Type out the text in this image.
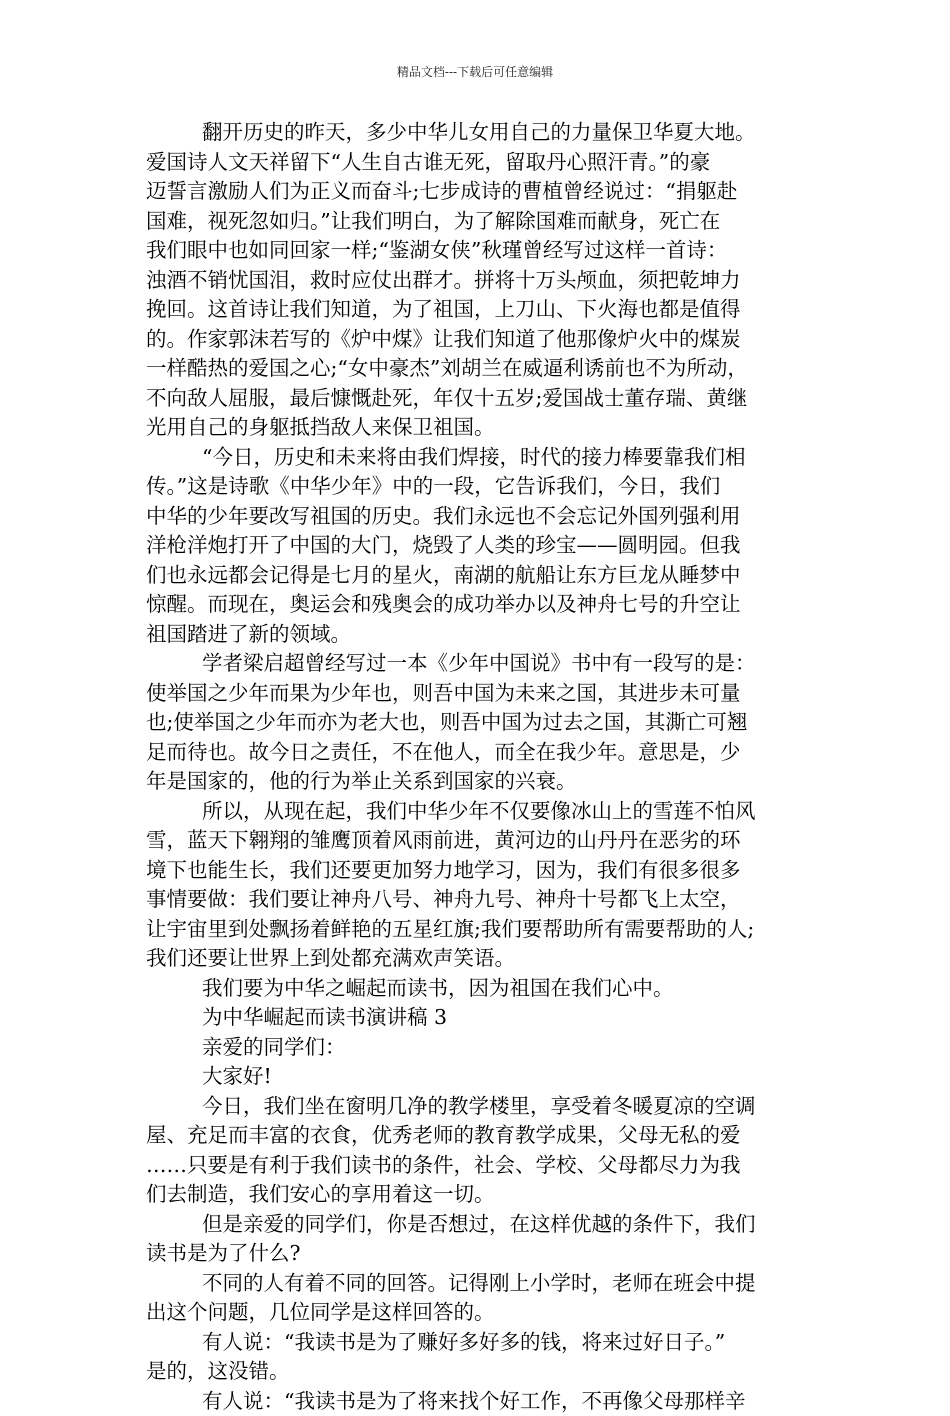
精品文档---下载后可任意编辑
翻开历史的昨天，多少中华儿女用自己的力量保卫华夏大地。
爱国诗人文天祥留下“人生自古谁无死，留取丹心照汗青。”的豪
迈誓言激励人们为正义而奋斗;七步成诗的曹植曾经说过：“捐躯赴
国难，视死忽如归。”让我们明白，为了解除国难而献身，死亡在
我们眼中也如同回家一样;“鉴湖女侠”秋瑾曾经写过这样一首诗：
浊酒不销忧国泪，救时应仗出群才。拼将十万头颅血，须把乾坤力
挽回。这首诗让我们知道，为了祖国，上刀山、下火海也都是值得
的。作家郭沫若写的《炉中煤》让我们知道了他那像炉火中的煤炭
一样酷热的爱国之心;“女中豪杰”刘胡兰在威逼利诱前也不为所动，
不向敌人屈服，最后慷慨赴死，年仅十五岁;爱国战士董存瑞、黄继
光用自己的身躯抵挡敌人来保卫祖国。
“今日，历史和未来将由我们焊接，时代的接力棒要靠我们相
传。”这是诗歌《中华少年》中的一段，它告诉我们，今日，我们
中华的少年要改写祖国的历史。我们永远也不会忘记外国列强利用
洋枪洋炮打开了中国的大门，烧毁了人类的珍宝——圆明园。但我
们也永远都会记得是七月的星火，南湖的航船让东方巨龙从睡梦中
惊醒。而现在，奥运会和残奥会的成功举办以及神舟七号的升空让
祖国踏进了新的领域。
学者梁启超曾经写过一本《少年中国说》书中有一段写的是：
使举国之少年而果为少年也，则吾中国为未来之国，其进步未可量
也;使举国之少年而亦为老大也，则吾中国为过去之国，其澌亡可翘
足而待也。故今日之责任，不在他人，而全在我少年。意思是，少
年是国家的，他的行为举止关系到国家的兴衰。
所以，从现在起，我们中华少年不仅要像冰山上的雪莲不怕风
雪，蓝天下翱翔的雏鹰顶着风雨前进，黄河边的山丹丹在恶劣的环
境下也能生长，我们还要更加努力地学习，因为，我们有很多很多
事情要做：我们要让神舟八号、神舟九号、神舟十号都飞上太空，
让宇宙里到处飘扬着鲜艳的五星红旗;我们要帮助所有需要帮助的人;
我们还要让世界上到处都充满欢声笑语。
我们要为中华之崛起而读书，因为祖国在我们心中。
为中华崛起而读书演讲稿 3
亲爱的同学们：
大家好!
今日，我们坐在窗明几净的教学楼里，享受着冬暖夏凉的空调
屋、充足而丰富的衣食，优秀老师的教育教学成果，父母无私的爱
……只要是有利于我们读书的条件，社会、学校、父母都尽力为我
们去制造，我们安心的享用着这一切。
但是亲爱的同学们，你是否想过，在这样优越的条件下，我们
读书是为了什么?
不同的人有着不同的回答。记得刚上小学时，老师在班会中提
出这个问题，几位同学是这样回答的。
有人说：“我读书是为了赚好多好多的钱，将来过好日子。”
是的，这没错。
有人说：“我读书是为了将来找个好工作，不再像父母那样辛
